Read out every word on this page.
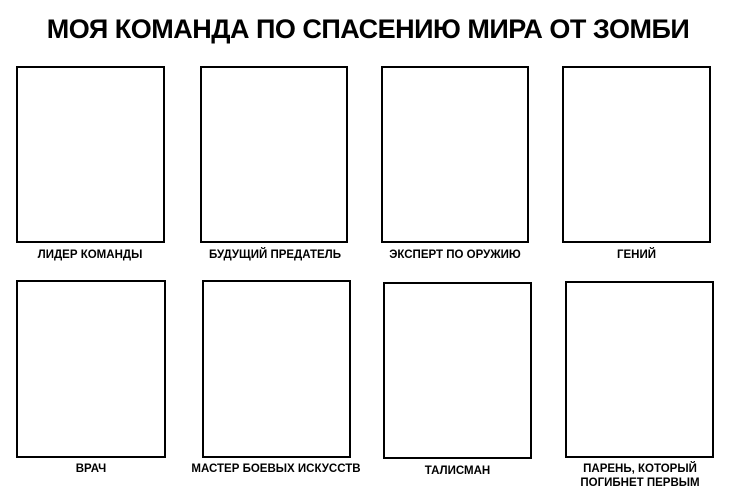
МОЯ КОМАНДА ПО СПАСЕНИЮ МИРА ОТ ЗОМБИ
ЛИДЕР КОМАНДЫ	БУДУЩИЙ ПРЕДАТЕЛЬ	ЭКСПЕРТ ПО ОРУЖИЮ	ГЕНИЙ
ВРАЧ	МАСТЕР БОЕВЫХ ИСКУССТВ	ТАЛИСМАН	ПАРЕНЬ, КОТОРЫЙ
ПОГИБНЕТ ПЕРВЫМ
